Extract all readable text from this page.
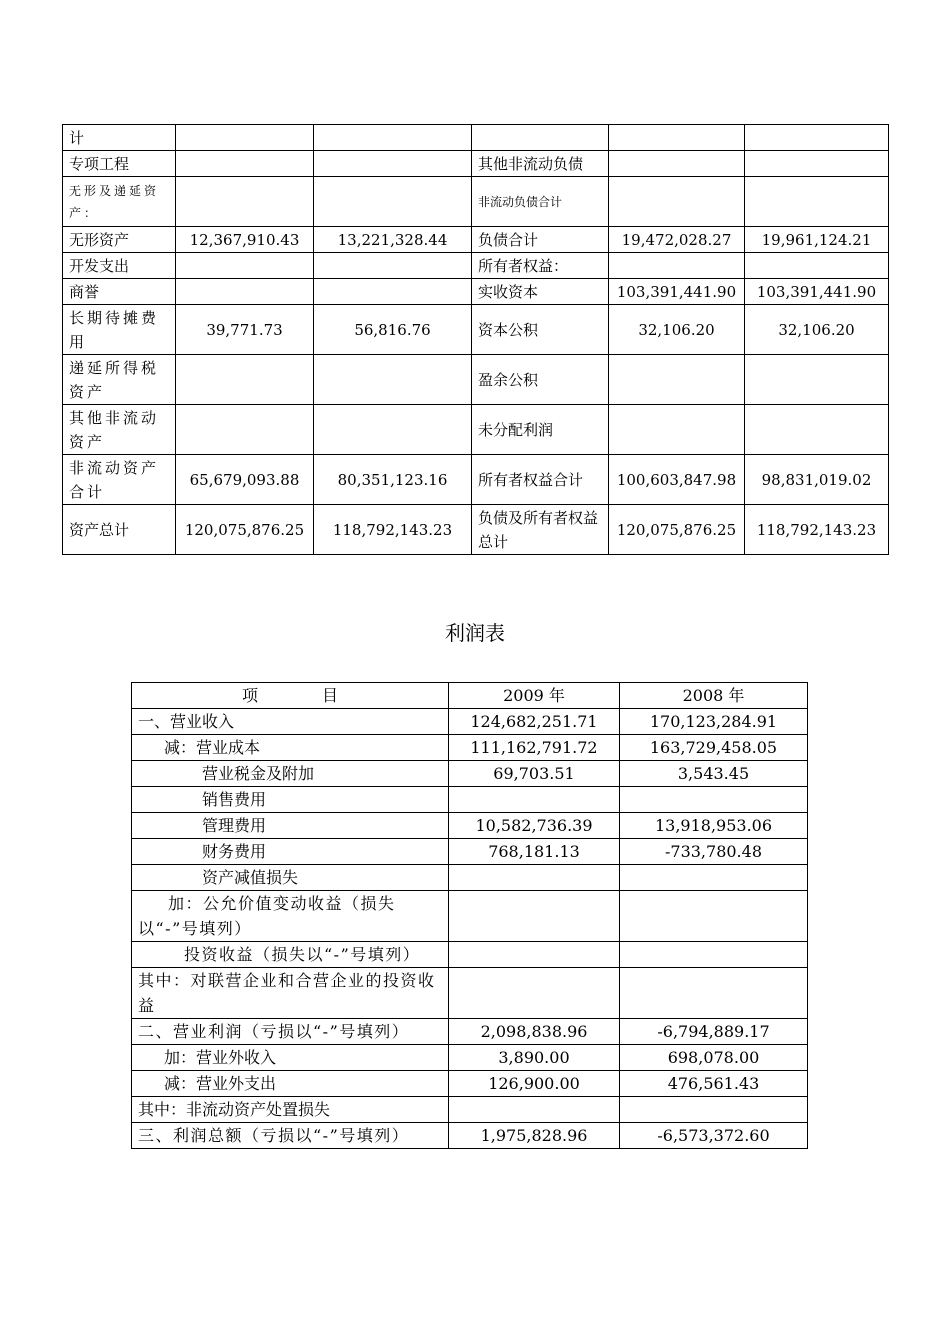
计					
专项工程			其他非流动负债		
无形及递延资产：			非流动负债合计		
无形资产	12,367,910.43	13,221,328.44	负债合计	19,472,028.27	19,961,124.21
开发支出			所有者权益：		
商誉			实收资本	103,391,441.90	103,391,441.90
长期待摊费用	39,771.73	56,816.76	资本公积	32,106.20	32,106.20
递延所得税资产			盈余公积		
其他非流动资产			未分配利润		
非流动资产合计	65,679,093.88	80,351,123.16	所有者权益合计	100,603,847.98	98,831,019.02
资产总计	120,075,876.25	118,792,143.23	负债及所有者权益总计	120,075,876.25	118,792,143.23
利润表
项　　　　目	2009 年	2008 年
一、营业收入	124,682,251.71	170,123,284.91
减：营业成本	111,162,791.72	163,729,458.05
营业税金及附加	69,703.51	3,543.45
销售费用		
管理费用	10,582,736.39	13,918,953.06
财务费用	768,181.13	-733,780.48
资产减值损失		
加：公允价值变动收益（损失以“-”号填列）		
投资收益（损失以“-”号填列）		
其中：对联营企业和合营企业的投资收益		
二、营业利润（亏损以“-”号填列）	2,098,838.96	-6,794,889.17
加：营业外收入	3,890.00	698,078.00
减：营业外支出	126,900.00	476,561.43
其中：非流动资产处置损失		
三、利润总额（亏损以“-”号填列）	1,975,828.96	-6,573,372.60
